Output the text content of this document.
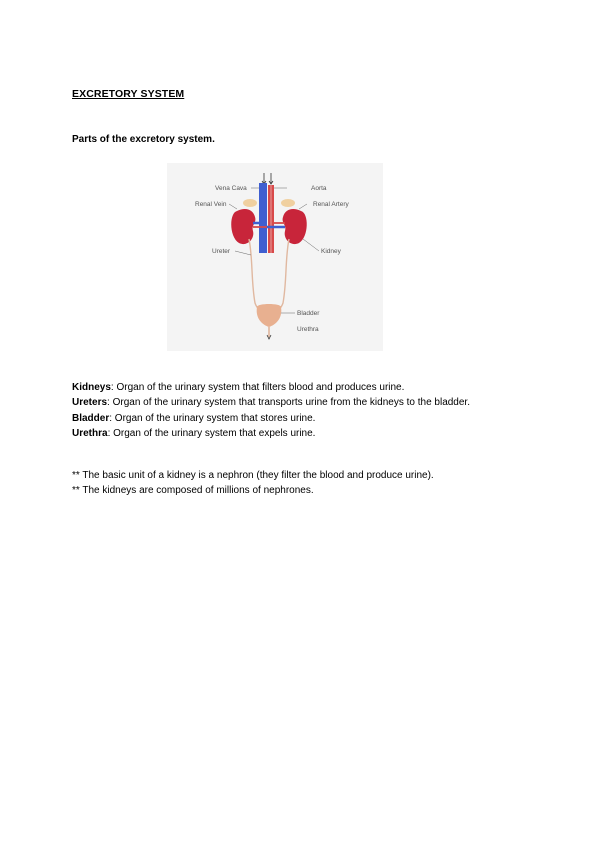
EXCRETORY SYSTEM
Parts of the excretory system.
Vena Cava	Aorta
Renal Vein	Renal Artery
Ureter	Kidney
Bladder
Urethra
Kidneys: Organ of the urinary system that filters blood and produces urine.
Ureters: Organ of the urinary system that transports urine from the kidneys to the bladder.
Bladder: Organ of the urinary system that stores urine.
Urethra: Organ of the urinary system that expels urine.
** The basic unit of a kidney is a nephron (they filter the blood and produce urine).
** The kidneys are composed of millions of nephrones.
